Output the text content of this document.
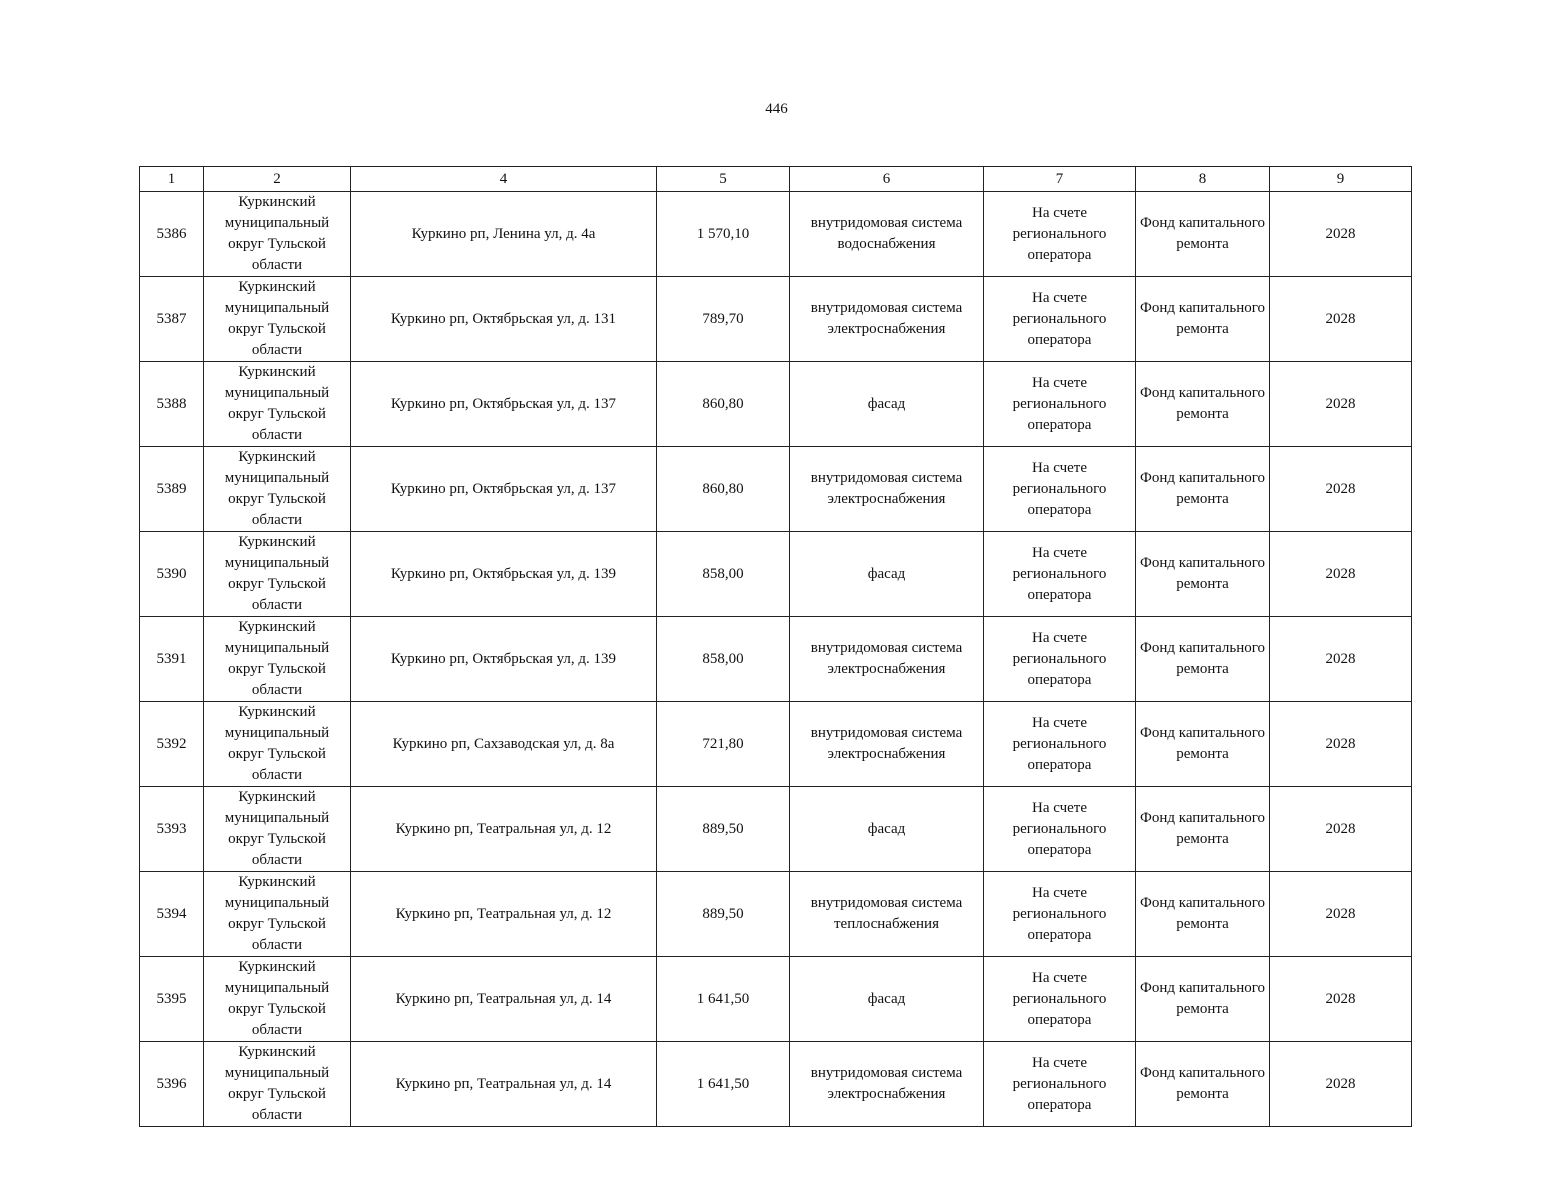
446
1	2	4	5	6	7	8	9
5386	Куркинский муниципальный округ Тульской области	Куркино рп, Ленина ул, д. 4а	1 570,10	внутридомовая система водоснабжения	На счете регионального оператора	Фонд капитального ремонта	2028
5387	Куркинский муниципальный округ Тульской области	Куркино рп, Октябрьская ул, д. 131	789,70	внутридомовая система электроснабжения	На счете регионального оператора	Фонд капитального ремонта	2028
5388	Куркинский муниципальный округ Тульской области	Куркино рп, Октябрьская ул, д. 137	860,80	фасад	На счете регионального оператора	Фонд капитального ремонта	2028
5389	Куркинский муниципальный округ Тульской области	Куркино рп, Октябрьская ул, д. 137	860,80	внутридомовая система электроснабжения	На счете регионального оператора	Фонд капитального ремонта	2028
5390	Куркинский муниципальный округ Тульской области	Куркино рп, Октябрьская ул, д. 139	858,00	фасад	На счете регионального оператора	Фонд капитального ремонта	2028
5391	Куркинский муниципальный округ Тульской области	Куркино рп, Октябрьская ул, д. 139	858,00	внутридомовая система электроснабжения	На счете регионального оператора	Фонд капитального ремонта	2028
5392	Куркинский муниципальный округ Тульской области	Куркино рп, Сахзаводская ул, д. 8а	721,80	внутридомовая система электроснабжения	На счете регионального оператора	Фонд капитального ремонта	2028
5393	Куркинский муниципальный округ Тульской области	Куркино рп, Театральная ул, д. 12	889,50	фасад	На счете регионального оператора	Фонд капитального ремонта	2028
5394	Куркинский муниципальный округ Тульской области	Куркино рп, Театральная ул, д. 12	889,50	внутридомовая система теплоснабжения	На счете регионального оператора	Фонд капитального ремонта	2028
5395	Куркинский муниципальный округ Тульской области	Куркино рп, Театральная ул, д. 14	1 641,50	фасад	На счете регионального оператора	Фонд капитального ремонта	2028
5396	Куркинский муниципальный округ Тульской области	Куркино рп, Театральная ул, д. 14	1 641,50	внутридомовая система электроснабжения	На счете регионального оператора	Фонд капитального ремонта	2028
